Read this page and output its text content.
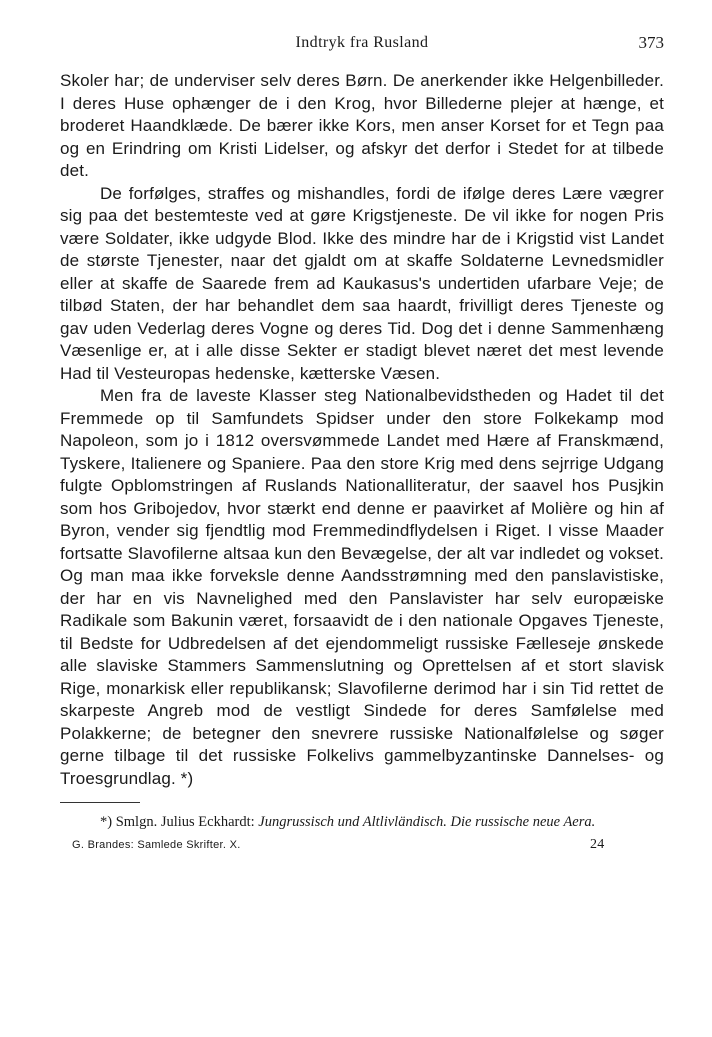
Indtryk fra Rusland	373

Skoler har; de underviser selv deres Børn. De anerkender ikke Helgenbilleder. I deres Huse ophænger de i den Krog, hvor Billederne plejer at hænge, et broderet Haandklæde. De bærer ikke Kors, men anser Korset for et Tegn paa og en Erindring om Kristi Lidelser, og afskyr det derfor i Stedet for at tilbede det.

De forfølges, straffes og mishandles, fordi de ifølge deres Lære vægrer sig paa det bestemteste ved at gøre Krigstjeneste. De vil ikke for nogen Pris være Soldater, ikke udgyde Blod. Ikke des mindre har de i Krigstid vist Landet de største Tjenester, naar det gjaldt om at skaffe Soldaterne Levnedsmidler eller at skaffe de Saarede frem ad Kaukasus's undertiden ufarbare Veje; de tilbød Staten, der har behandlet dem saa haardt, frivilligt deres Tjeneste og gav uden Vederlag deres Vogne og deres Tid. Dog det i denne Sammenhæng Væsenlige er, at i alle disse Sekter er stadigt blevet næret det mest levende Had til Vesteuropas hedenske, kætterske Væsen.

Men fra de laveste Klasser steg Nationalbevidstheden og Hadet til det Fremmede op til Samfundets Spidser under den store Folkekamp mod Napoleon, som jo i 1812 oversvømmede Landet med Hære af Franskmænd, Tyskere, Italienere og Spaniere. Paa den store Krig med dens sejrrige Udgang fulgte Opblomstringen af Ruslands Nationalliteratur, der saavel hos Pusjkin som hos Gribojedov, hvor stærkt end denne er paavirket af Molière og hin af Byron, vender sig fjendtlig mod Fremmedindflydelsen i Riget. I visse Maader fortsatte Slavofilerne altsaa kun den Bevægelse, der alt var indledet og vokset. Og man maa ikke forveksle denne Aandsstrømning med den panslavistiske, der har en vis Navnelighed med den Panslavister har selv europæiske Radikale som Bakunin været, forsaavidt de i den nationale Opgaves Tjeneste, til Bedste for Udbredelsen af det ejendommeligt russiske Fælleseje ønskede alle slaviske Stammers Sammenslutning og Oprettelsen af et stort slavisk Rige, monarkisk eller republikansk; Slavofilerne derimod har i sin Tid rettet de skarpeste Angreb mod de vestligt Sindede for deres Samfølelse med Polakkerne; de betegner den snevrere russiske Nationalfølelse og søger gerne tilbage til det russiske Folkelivs gammelbyzantinske Dannelses- og Troesgrundlag. *)

*) Smlgn. Julius Eckhardt: Jungrussisch und Altlivländisch. Die russische neue Aera.
G. Brandes: Samlede Skrifter. X.	24
